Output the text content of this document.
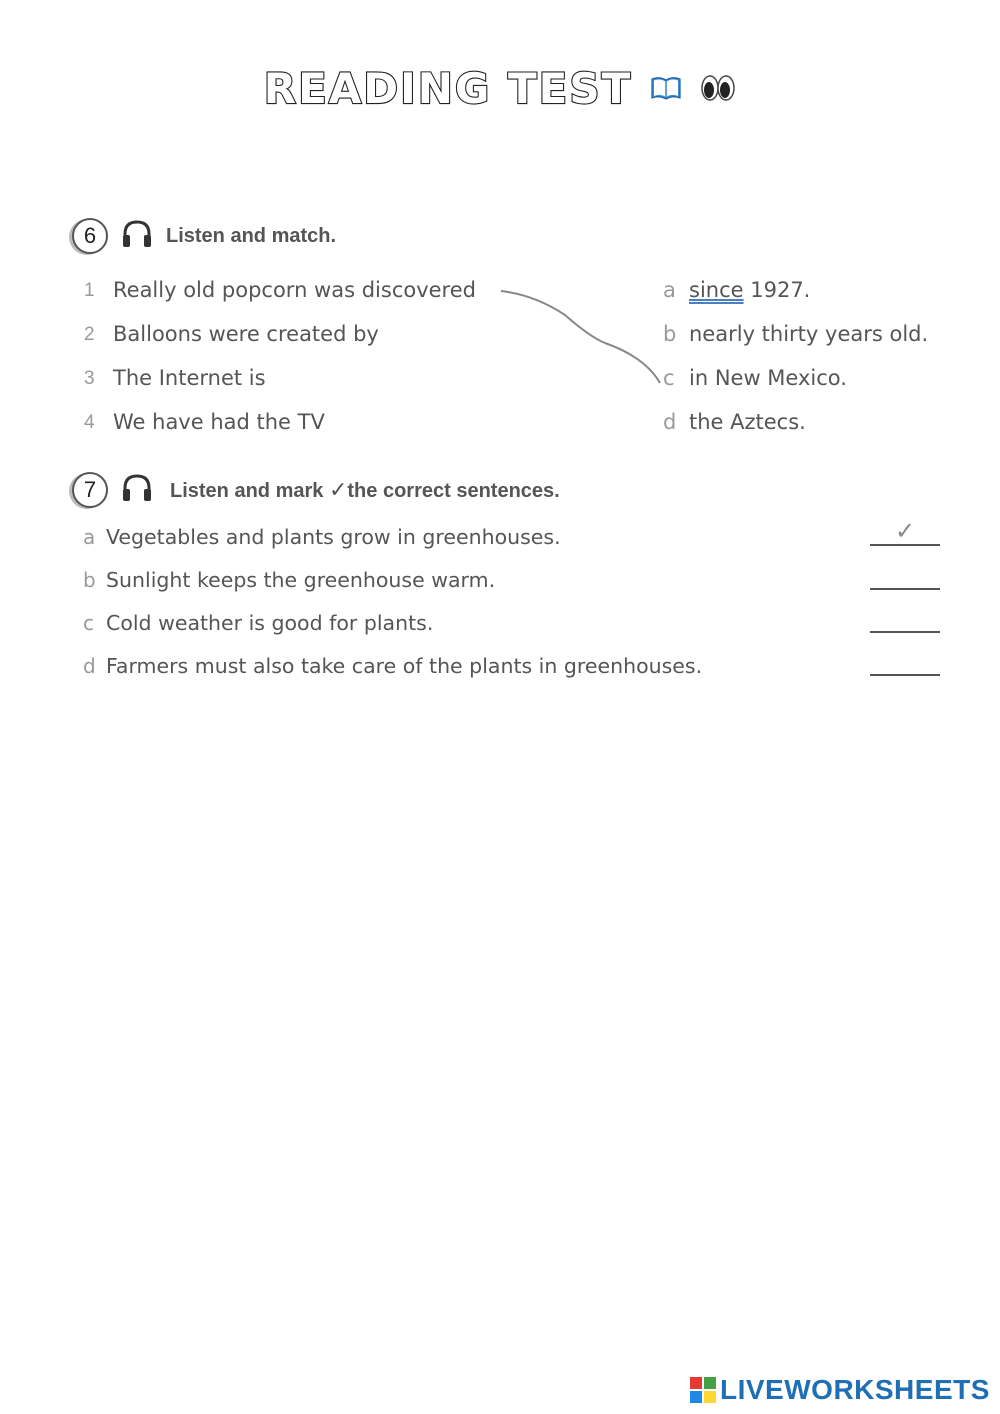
READING TEST
6	Listen and match.
1 Really old popcorn was discovered
2 Balloons were created by
3 The Internet is
4 We have had the TV
a since 1927.
b nearly thirty years old.
c in New Mexico.
d the Aztecs.
7	Listen and mark ✓the correct sentences.
a Vegetables and plants grow in greenhouses.	✓
b Sunlight keeps the greenhouse warm.
c Cold weather is good for plants.
d Farmers must also take care of the plants in greenhouses.
LIVEWORKSHEETS
